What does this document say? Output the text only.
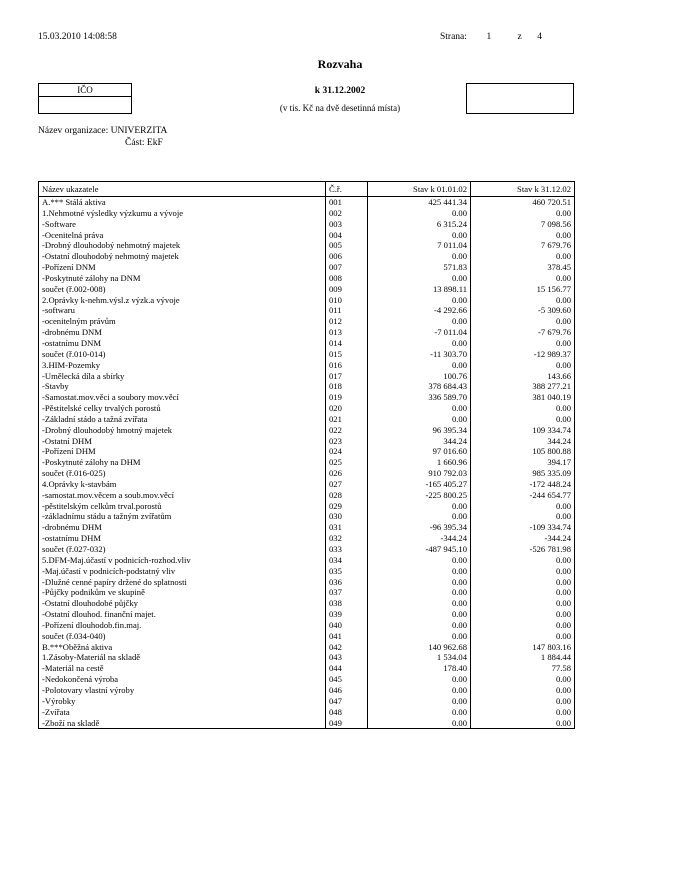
15.03.2010 14:08:58	Strana: 1	z 4
Rozvaha
IČO	k 31.12.2002
(v tis. Kč na dvě desetinná místa)
Název organizace: UNIVERZITA
Část: EkF
Název ukazatele	Č.ř.	Stav k 01.01.02	Stav k 31.12.02
A.*** Stálá aktiva	001	425 441.34	460 720.51
1.Nehmotné výsledky výzkumu a vývoje	002	0.00	0.00
-Software	003	6 315.24	7 098.56
-Ocenitelná práva	004	0.00	0.00
-Drobný dlouhodobý nehmotný majetek	005	7 011.04	7 679.76
-Ostatní dlouhodobý nehmotný majetek	006	0.00	0.00
-Pořízení DNM	007	571.83	378.45
-Poskytnuté zálohy na DNM	008	0.00	0.00
součet (ř.002-008)	009	13 898.11	15 156.77
2.Oprávky k-nehm.výsl.z výzk.a vývoje	010	0.00	0.00
-softwaru	011	-4 292.66	-5 309.60
-ocenitelným právům	012	0.00	0.00
-drobnému DNM	013	-7 011.04	-7 679.76
-ostatnímu DNM	014	0.00	0.00
součet (ř.010-014)	015	-11 303.70	-12 989.37
3.HIM-Pozemky	016	0.00	0.00
-Umělecká díla a sbírky	017	100.76	143.66
-Stavby	018	378 684.43	388 277.21
-Samostat.mov.věci a soubory mov.věcí	019	336 589.70	381 040.19
-Pěstitelské celky trvalých porostů	020	0.00	0.00
-Základní stádo a tažná zvířata	021	0.00	0.00
-Drobný dlouhodobý hmotný majetek	022	96 395.34	109 334.74
-Ostatní DHM	023	344.24	344.24
-Pořízení DHM	024	97 016.60	105 800.88
-Poskytnuté zálohy na DHM	025	1 660.96	394.17
součet (ř.016-025)	026	910 792.03	985 335.09
4.Oprávky k-stavbám	027	-165 405.27	-172 448.24
-samostat.mov.věcem a soub.mov.věcí	028	-225 800.25	-244 654.77
-pěstitelským celkům trval.porostů	029	0.00	0.00
-základnímu stádu a tažným zvířatům	030	0.00	0.00
-drobnému DHM	031	-96 395.34	-109 334.74
-ostatnímu DHM	032	-344.24	-344.24
součet (ř.027-032)	033	-487 945.10	-526 781.98
5.DFM-Maj.účastí v podnicích-rozhod.vliv	034	0.00	0.00
-Maj.účastí v podnicích-podstatný vliv	035	0.00	0.00
-Dlužné cenné papíry držené do splatnosti	036	0.00	0.00
-Půjčky podnikům ve skupině	037	0.00	0.00
-Ostatní dlouhodobé půjčky	038	0.00	0.00
-Ostatní dlouhod. finanční majet.	039	0.00	0.00
-Pořízení dlouhodob.fin.maj.	040	0.00	0.00
součet (ř.034-040)	041	0.00	0.00
B.***Oběžná aktiva	042	140 962.68	147 803.16
1.Zásoby-Materiál na skladě	043	1 534.04	1 884.44
-Materiál na cestě	044	178.40	77.58
-Nedokončená výroba	045	0.00	0.00
-Polotovary vlastní výroby	046	0.00	0.00
-Výrobky	047	0.00	0.00
-Zvířata	048	0.00	0.00
-Zboží na skladě	049	0.00	0.00
